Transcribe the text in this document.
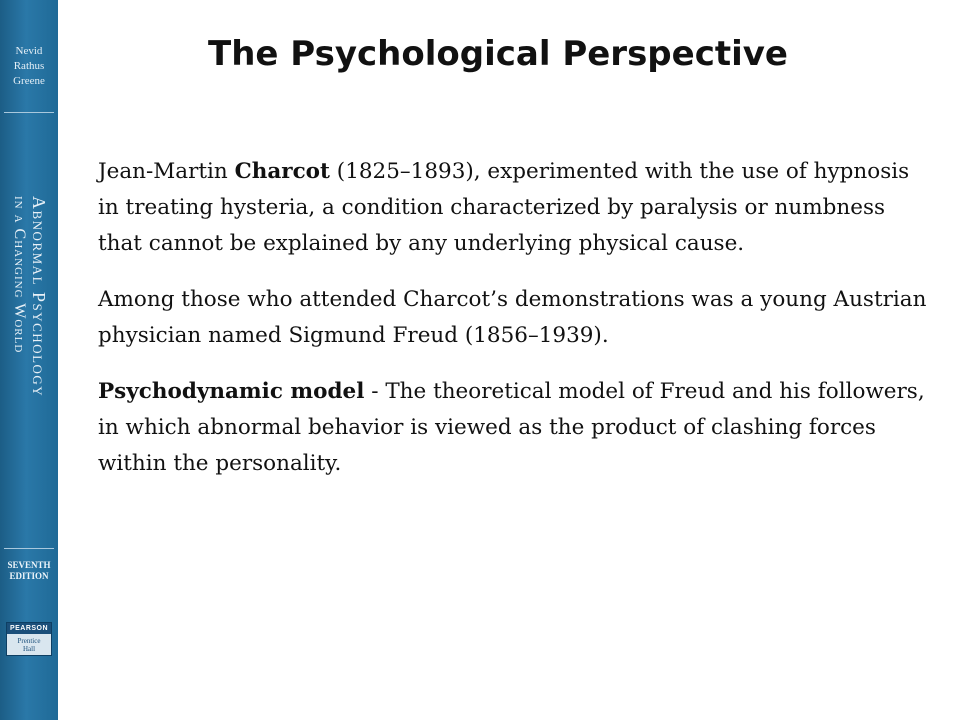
Nevid
Rathus
Greene
Abnormal Psychology
in a Changing World
SEVENTH
EDITION
PEARSON
Prentice
Hall
The Psychological Perspective

Jean-Martin Charcot (1825–1893), experimented with the use of hypnosis in treating hysteria, a condition characterized by paralysis or numbness that cannot be explained by any underlying physical cause.

Among those who attended Charcot’s demonstrations was a young Austrian physician named Sigmund Freud (1856–1939).

Psychodynamic model - The theoretical model of Freud and his followers, in which abnormal behavior is viewed as the product of clashing forces within the personality.
